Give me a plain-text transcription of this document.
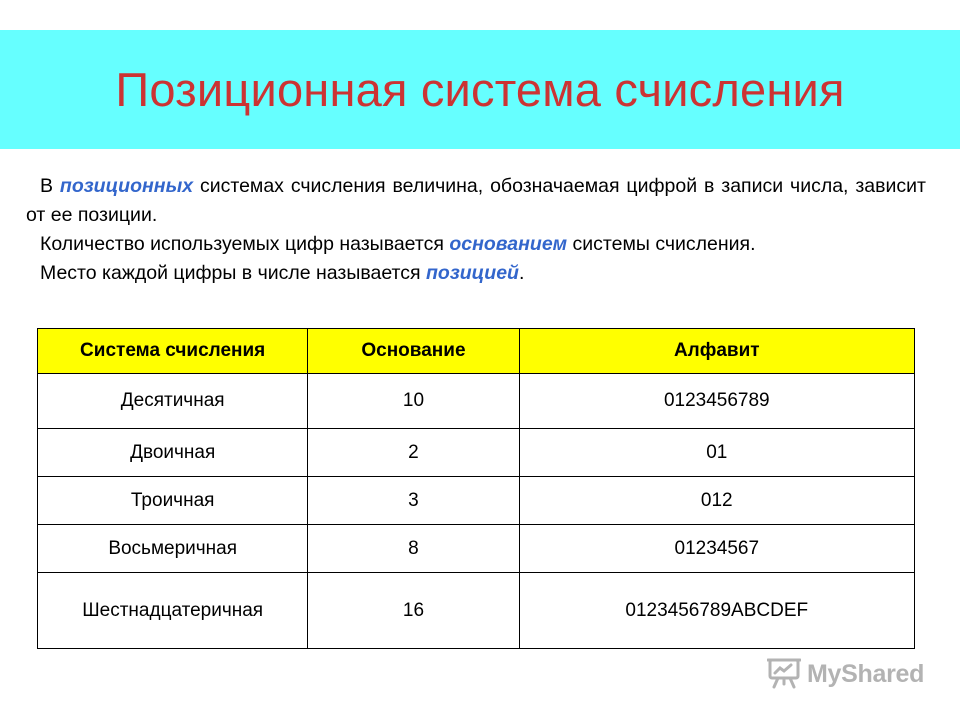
Позиционная система счисления

В позиционных системах счисления величина, обозначаемая цифрой в записи числа, зависит от ее позиции.

Количество используемых цифр называется основанием системы счисления.

Место каждой цифры в числе называется позицией.

Система счисления	Основание	Алфавит
Десятичная	10	0123456789
Двоичная	2	01
Троичная	3	012
Восьмеричная	8	01234567
Шестнадцатеричная	16	0123456789ABCDEF
MyShared
